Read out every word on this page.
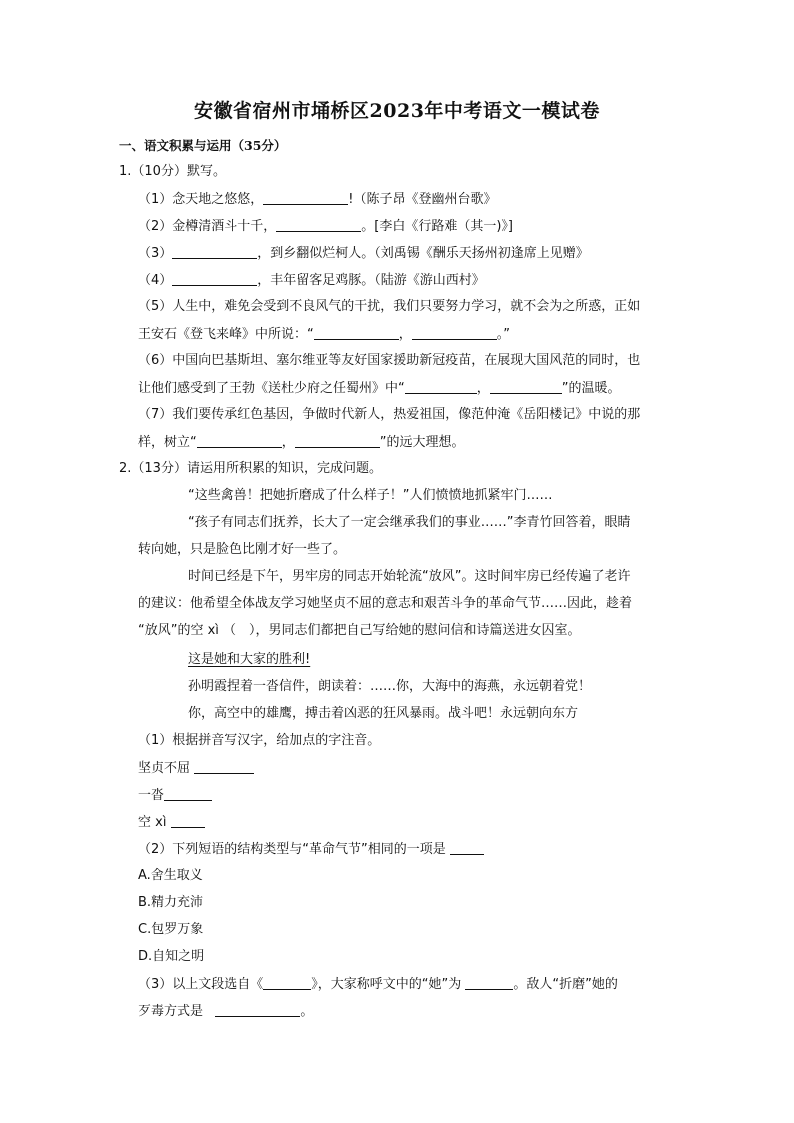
安徽省宿州市埇桥区2023年中考语文一模试卷
一、语文积累与运用（35分）
1.（10分）默写。
（1）念天地之悠悠，	!（陈子昂《登幽州台歌》
（2）金樽清酒斗十千，	。[李白《行路难（其一)》]
（3）	，到乡翻似烂柯人。（刘禹锡《酬乐天扬州初逢席上见赠》
（4）	，丰年留客足鸡豚。（陆游《游山西村》
（5）人生中，难免会受到不良风气的干扰，我们只要努力学习，就不会为之所惑，正如
王安石《登飞来峰》中所说：“	，	。”
（6）中国向巴基斯坦、塞尔维亚等友好国家援助新冠疫苗，在展现大国风范的同时，也
让他们感受到了王勃《送杜少府之任蜀州》中“	，	”的温暖。
（7）我们要传承红色基因，争做时代新人，热爱祖国，像范仲淹《岳阳楼记》中说的那
样，树立“	，	”的远大理想。
2.（13分）请运用所积累的知识，完成问题。
“这些禽兽！把她折磨成了什么样子！”人们愤愤地抓紧牢门……
“孩子有同志们抚养，长大了一定会继承我们的事业……”李青竹回答着，眼睛
转向她，只是脸色比刚才好一些了。
时间已经是下午，男牢房的同志开始轮流“放风”。这时间牢房已经传遍了老许
的建议：他希望全体战友学习她坚贞不屈的意志和艰苦斗争的革命气节……因此，趁着
“放风”的空 xì （　），男同志们都把自己写给她的慰问信和诗篇送进女囚室。
这是她和大家的胜利!
孙明霞捏着一沓信件，朗读着：……你，大海中的海燕，永远朝着党！
你，高空中的雄鹰，搏击着凶恶的狂风暴雨。战斗吧！永远朝向东方
（1）根据拼音写汉字，给加点的字注音。
坚贞不屈
一沓
空 xì
（2）下列短语的结构类型与“革命气节”相同的一项是
A.舍生取义
B.精力充沛
C.包罗万象
D.自知之明
（3）以上文段选自《	》，大家称呼文中的“她”为	。敌人“折磨”她的
歹毒方式是	。
